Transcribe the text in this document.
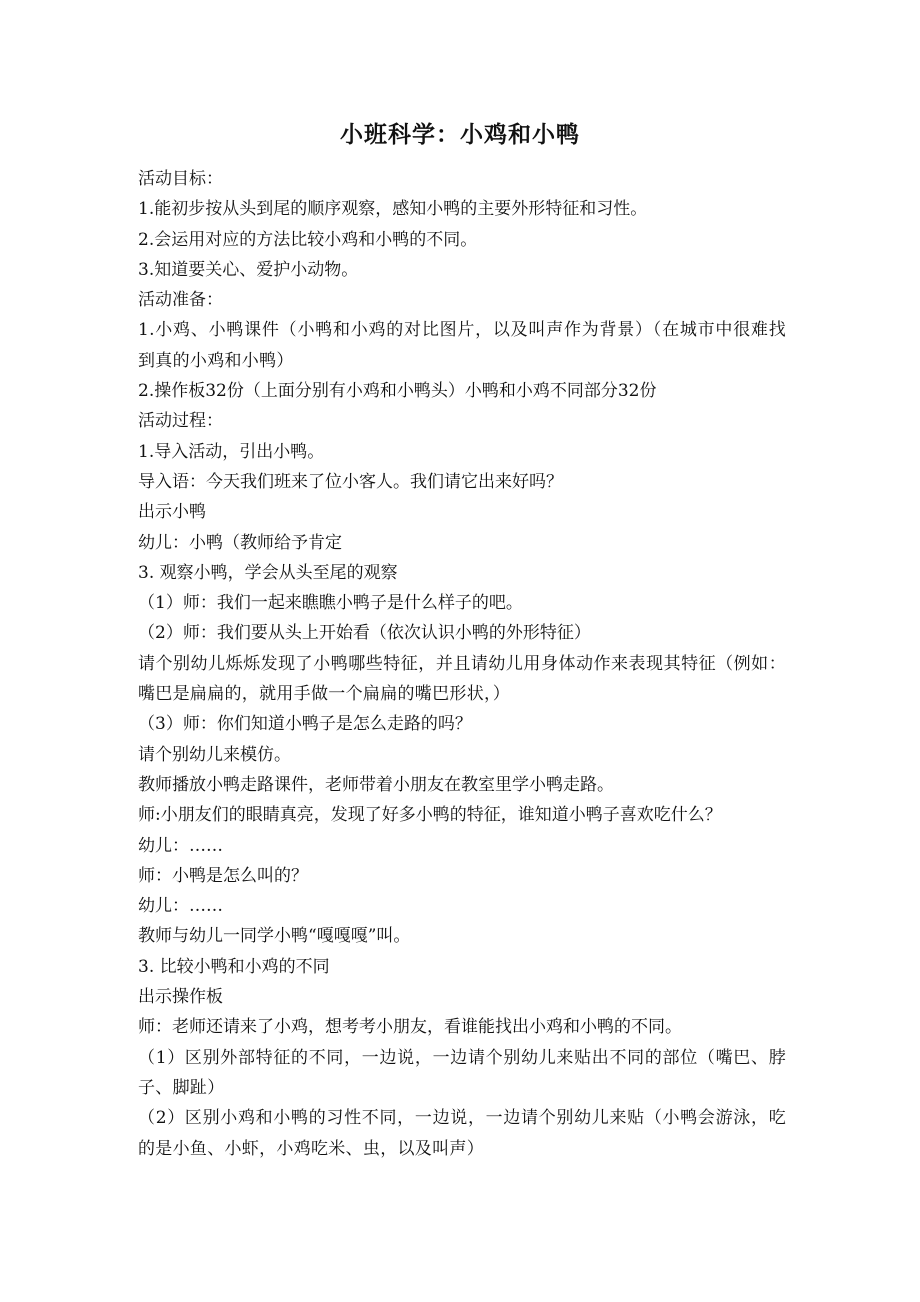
zixin.com.cn
小班科学：小鸡和小鸭
活动目标：
1.能初步按从头到尾的顺序观察，感知小鸭的主要外形特征和习性。
2.会运用对应的方法比较小鸡和小鸭的不同。
3.知道要关心、爱护小动物。
活动准备：
1.小鸡、小鸭课件（小鸭和小鸡的对比图片，以及叫声作为背景）（在城市中很难找到真的小鸡和小鸭）
2.操作板32份（上面分别有小鸡和小鸭头）小鸭和小鸡不同部分32份
活动过程：
1.导入活动，引出小鸭。
导入语：今天我们班来了位小客人。我们请它出来好吗？
出示小鸭
幼儿：小鸭（教师给予肯定
3. 观察小鸭，学会从头至尾的观察
（1）师：我们一起来瞧瞧小鸭子是什么样子的吧。
（2）师：我们要从头上开始看（依次认识小鸭的外形特征）
请个别幼儿烁烁发现了小鸭哪些特征，并且请幼儿用身体动作来表现其特征（例如：嘴巴是扁扁的，就用手做一个扁扁的嘴巴形状，）
（3）师：你们知道小鸭子是怎么走路的吗？
请个别幼儿来模仿。
教师播放小鸭走路课件，老师带着小朋友在教室里学小鸭走路。
师:小朋友们的眼睛真亮，发现了好多小鸭的特征，谁知道小鸭子喜欢吃什么？
幼儿：……
师：小鸭是怎么叫的？
幼儿：……
教师与幼儿一同学小鸭“嘎嘎嘎”叫。
3. 比较小鸭和小鸡的不同
出示操作板
师：老师还请来了小鸡，想考考小朋友，看谁能找出小鸡和小鸭的不同。
（1）区别外部特征的不同，一边说，一边请个别幼儿来贴出不同的部位（嘴巴、脖子、脚趾）
（2）区别小鸡和小鸭的习性不同，一边说，一边请个别幼儿来贴（小鸭会游泳，吃的是小鱼、小虾，小鸡吃米、虫，以及叫声）
